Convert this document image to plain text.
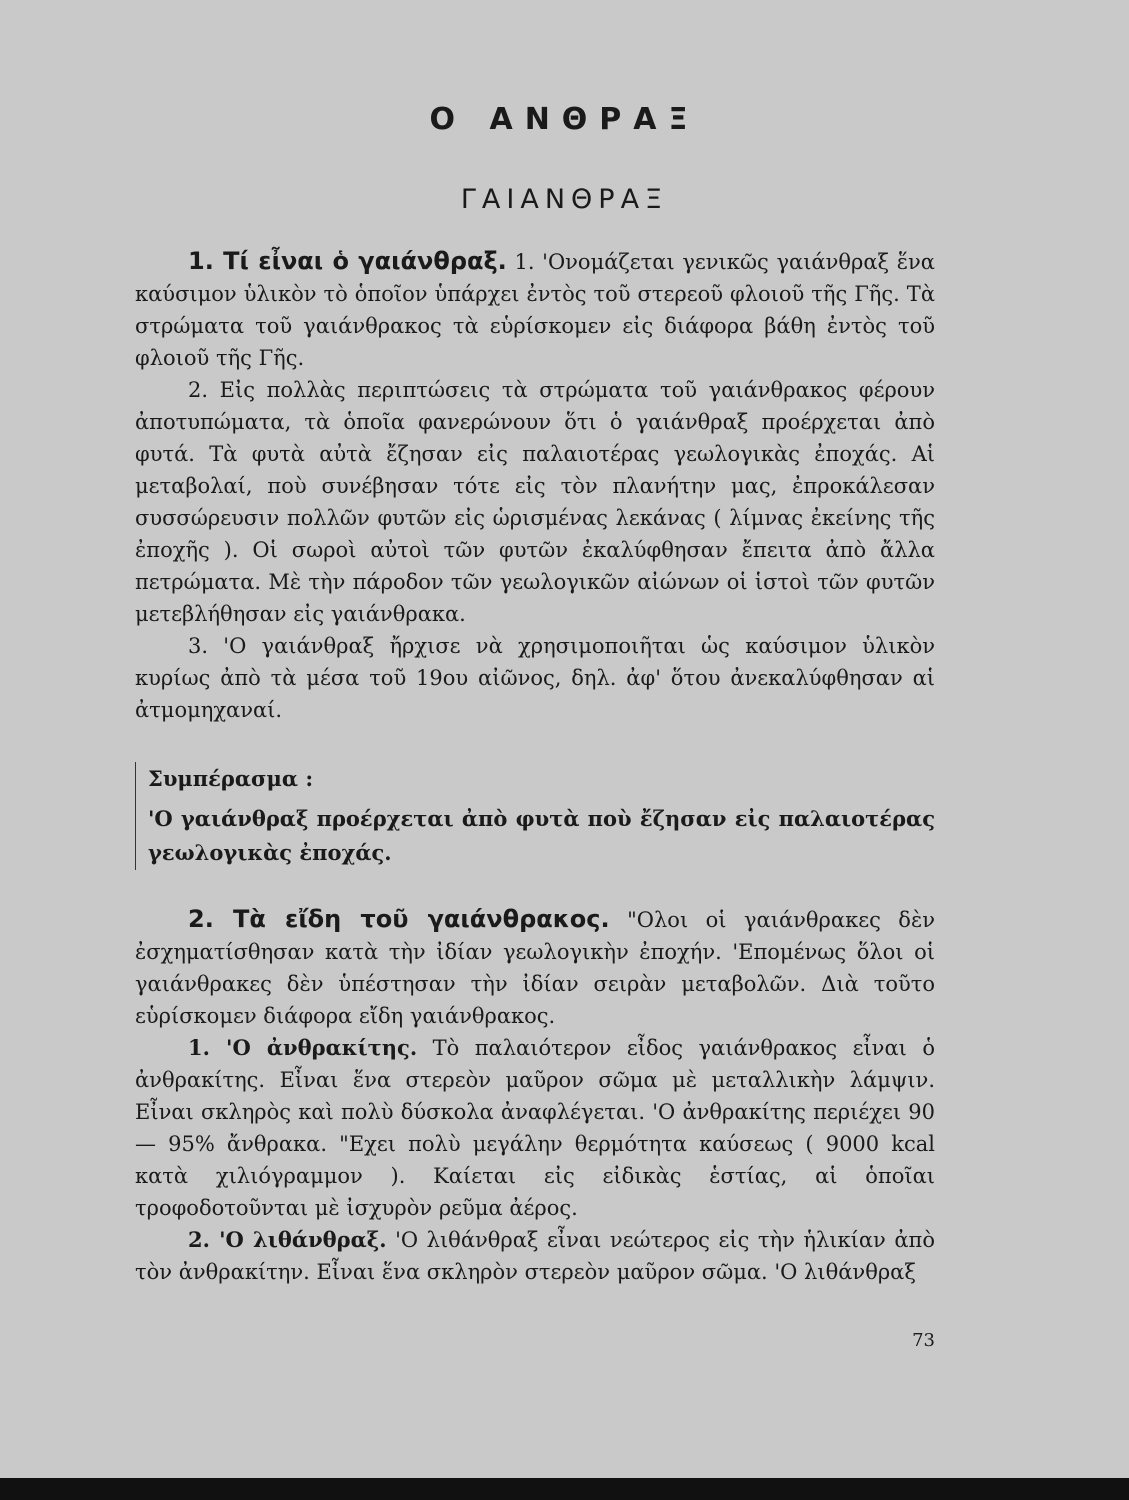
Ο ΑΝΘΡΑΞ
ΓΑΙΑΝΘΡΑΞ

1. Τί εἶναι ὁ γαιάνθραξ. 1. 'Ονομάζεται γενικῶς γαιάνθραξ ἕνα καύσιμον ὑλικὸν τὸ ὁποῖον ὑπάρχει ἐντὸς τοῦ στερεοῦ φλοιοῦ τῆς Γῆς. Τὰ στρώματα τοῦ γαιάνθρακος τὰ εὑρίσκομεν εἰς διάφορα βάθη ἐντὸς τοῦ φλοιοῦ τῆς Γῆς.

2. Εἰς πολλὰς περιπτώσεις τὰ στρώματα τοῦ γαιάνθρακος φέρουν ἀποτυπώματα, τὰ ὁποῖα φανερώνουν ὅτι ὁ γαιάνθραξ προέρχεται ἀπὸ φυτά. Τὰ φυτὰ αὐτὰ ἔζησαν εἰς παλαιοτέρας γεωλογικὰς ἐποχάς. Αἱ μεταβολαί, ποὺ συνέβησαν τότε εἰς τὸν πλανήτην μας, ἐπροκάλεσαν συσσώρευσιν πολλῶν φυτῶν εἰς ὡρισμένας λεκάνας ( λίμνας ἐκείνης τῆς ἐποχῆς ). Οἱ σωροὶ αὐτοὶ τῶν φυτῶν ἐκαλύφθησαν ἔπειτα ἀπὸ ἄλλα πετρώματα. Μὲ τὴν πάροδον τῶν γεωλογικῶν αἰώνων οἱ ἱστοὶ τῶν φυτῶν μετεβλήθησαν εἰς γαιάνθρακα.

3. 'Ο γαιάνθραξ ἤρχισε νὰ χρησιμοποιῆται ὡς καύσιμον ὑλικὸν κυρίως ἀπὸ τὰ μέσα τοῦ 19ου αἰῶνος, δηλ. ἀφ' ὅτου ἀνεκαλύφθησαν αἱ ἀτμομηχαναί.

Συμπέρασμα :
'Ο γαιάνθραξ προέρχεται ἀπὸ φυτὰ ποὺ ἔζησαν εἰς παλαιοτέρας γεωλογικὰς ἐποχάς.

2. Τὰ εἴδη τοῦ γαιάνθρακος. "Ολοι οἱ γαιάνθρακες δὲν ἐσχηματίσθησαν κατὰ τὴν ἰδίαν γεωλογικὴν ἐποχήν. 'Επομένως ὅλοι οἱ γαιάνθρακες δὲν ὑπέστησαν τὴν ἰδίαν σειρὰν μεταβολῶν. Διὰ τοῦτο εὑρίσκομεν διάφορα εἴδη γαιάνθρακος.

1. 'Ο ἀνθρακίτης. Τὸ παλαιότερον εἶδος γαιάνθρακος εἶναι ὁ ἀνθρακίτης. Εἶναι ἕνα στερεὸν μαῦρον σῶμα μὲ μεταλλικὴν λάμψιν. Εἶναι σκληρὸς καὶ πολὺ δύσκολα ἀναφλέγεται. 'Ο ἀνθρακίτης περιέχει 90 — 95% ἄνθρακα. "Εχει πολὺ μεγάλην θερμότητα καύσεως ( 9000 kcal κατὰ χιλιόγραμμον ). Καίεται εἰς εἰδικὰς ἑστίας, αἱ ὁποῖαι τροφοδοτοῦνται μὲ ἰσχυρὸν ρεῦμα ἀέρος.

2. 'Ο λιθάνθραξ. 'Ο λιθάνθραξ εἶναι νεώτερος εἰς τὴν ἡλικίαν ἀπὸ τὸν ἀνθρακίτην. Εἶναι ἕνα σκληρὸν στερεὸν μαῦρον σῶμα. 'Ο λιθάνθραξ

73
